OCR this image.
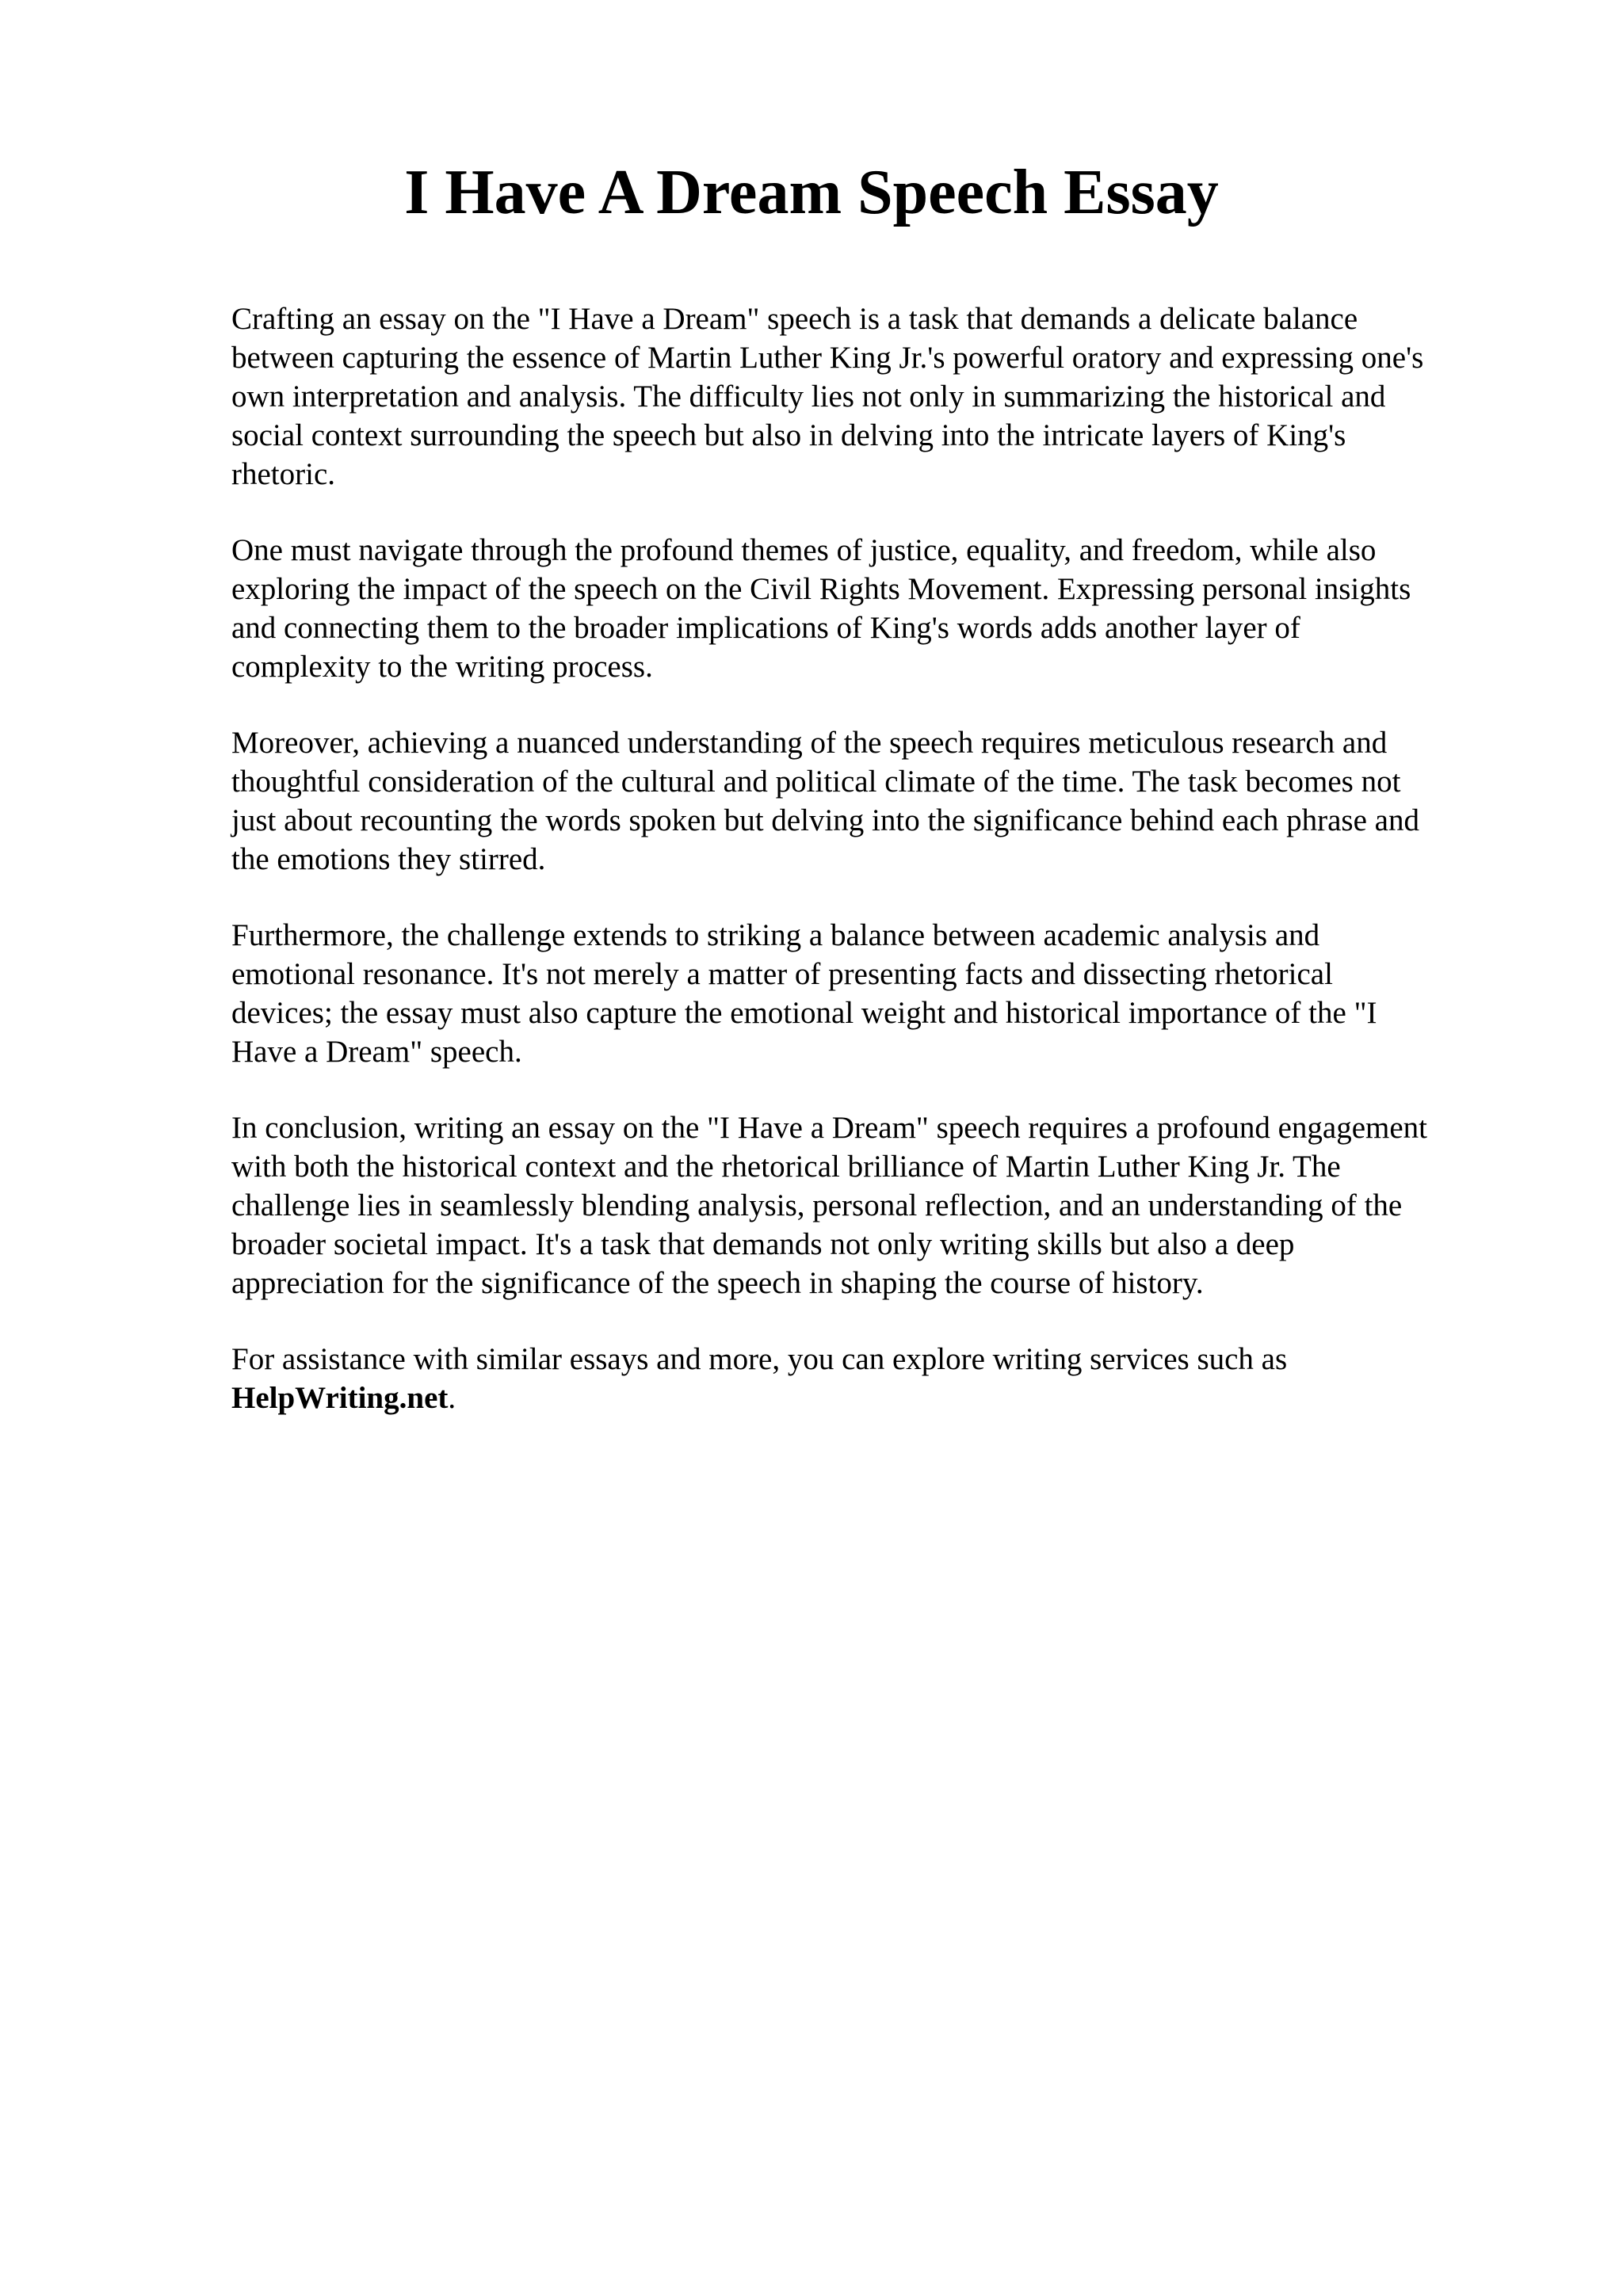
I Have A Dream Speech Essay

Crafting an essay on the "I Have a Dream" speech is a task that demands a delicate balance
between capturing the essence of Martin Luther King Jr.'s powerful oratory and expressing one's
own interpretation and analysis. The difficulty lies not only in summarizing the historical and
social context surrounding the speech but also in delving into the intricate layers of King's
rhetoric.

One must navigate through the profound themes of justice, equality, and freedom, while also
exploring the impact of the speech on the Civil Rights Movement. Expressing personal insights
and connecting them to the broader implications of King's words adds another layer of
complexity to the writing process.

Moreover, achieving a nuanced understanding of the speech requires meticulous research and
thoughtful consideration of the cultural and political climate of the time. The task becomes not
just about recounting the words spoken but delving into the significance behind each phrase and
the emotions they stirred.

Furthermore, the challenge extends to striking a balance between academic analysis and
emotional resonance. It's not merely a matter of presenting facts and dissecting rhetorical
devices; the essay must also capture the emotional weight and historical importance of the "I
Have a Dream" speech.

In conclusion, writing an essay on the "I Have a Dream" speech requires a profound engagement
with both the historical context and the rhetorical brilliance of Martin Luther King Jr. The
challenge lies in seamlessly blending analysis, personal reflection, and an understanding of the
broader societal impact. It's a task that demands not only writing skills but also a deep
appreciation for the significance of the speech in shaping the course of history.

For assistance with similar essays and more, you can explore writing services such as
HelpWriting.net.
